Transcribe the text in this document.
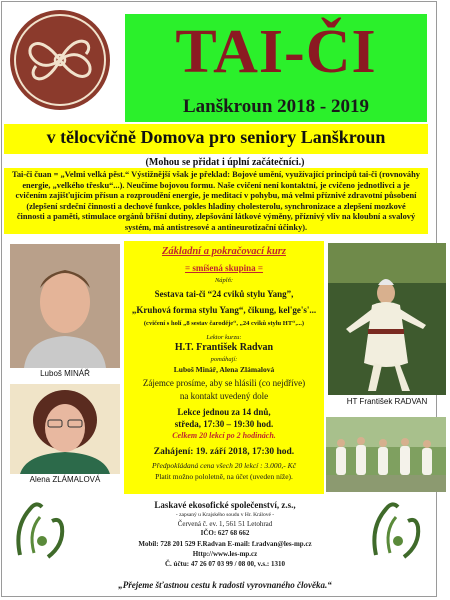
TAI-ČI
Lanškroun 2018 - 2019
v tělocvičně Domova pro seniory Lanškroun
(Mohou se přidat i úplní začátečníci.)
Tai-či čuan = „Velmi velká pěst.“ Výstižnější však je překlad: Bojové umění, využívající principů tai-či (rovnováhy energie, „velkého třesku“...). Neučíme bojovou formu. Naše cvičení není kontaktní, je cvičeno jednotlivci a je cvičením zajišťujícím přísun a rozproudění energie, je meditací v pohybu, má velmi příznivé zdravotní působení (zlepšení srdeční činnosti a dechové funkce, pokles hladiny cholesterolu, synchronizace a zlepšení mozkové činnosti a paměti, stimulace orgánů břišní dutiny, zlepšování látkové výměny, příznivý vliv na kloubní a svalový systém, má antistresové a antineurotizační účinky).
Luboš MINÁŘ
Alena ZLÁMALOVÁ
HT František RADVAN
Základní a pokračovací kurz
= smíšená skupina =
Náplň:
Sestava tai-či “24 cviků stylu Yang”,
„Kruhová forma stylu Yang“, čikung, kel'ge's'...
(cvičení s holí „8 sestav čaroděje“, „24 cviků stylu HT“,...)
Lektor kurzu:
H.T. František Radvan
pomáhají:
Luboš Minář, Alena Zlámalová
Zájemce prosíme, aby se hlásili (co nejdříve)
na kontakt uvedený dole
Lekce jednou za 14 dnů,
středa, 17:30 – 19:30 hod.
Celkem 20 lekcí po 2 hodinách.
Zahájení: 19. září 2018, 17:30 hod.
Předpokládaná cena všech 20 lekcí : 3.000,- Kč
Platit možno pololetně, na účet (uveden níže).
Laskavé ekosofické společenství, z.s.,
- zapsaný u Krajského soudu v Hr. Králové -
Červená č. ev. 1, 561 51 Letohrad
IČO: 627 68 662
Mobil: 728 201 529 F.Radvan E-mail: f.radvan@les-mp.cz
Http://www.les-mp.cz
Č. účtu: 47 26 07 03 99 / 08 00, v.s.: 1310
„Přejeme šťastnou cestu k radosti vyrovnaného člověka.“
